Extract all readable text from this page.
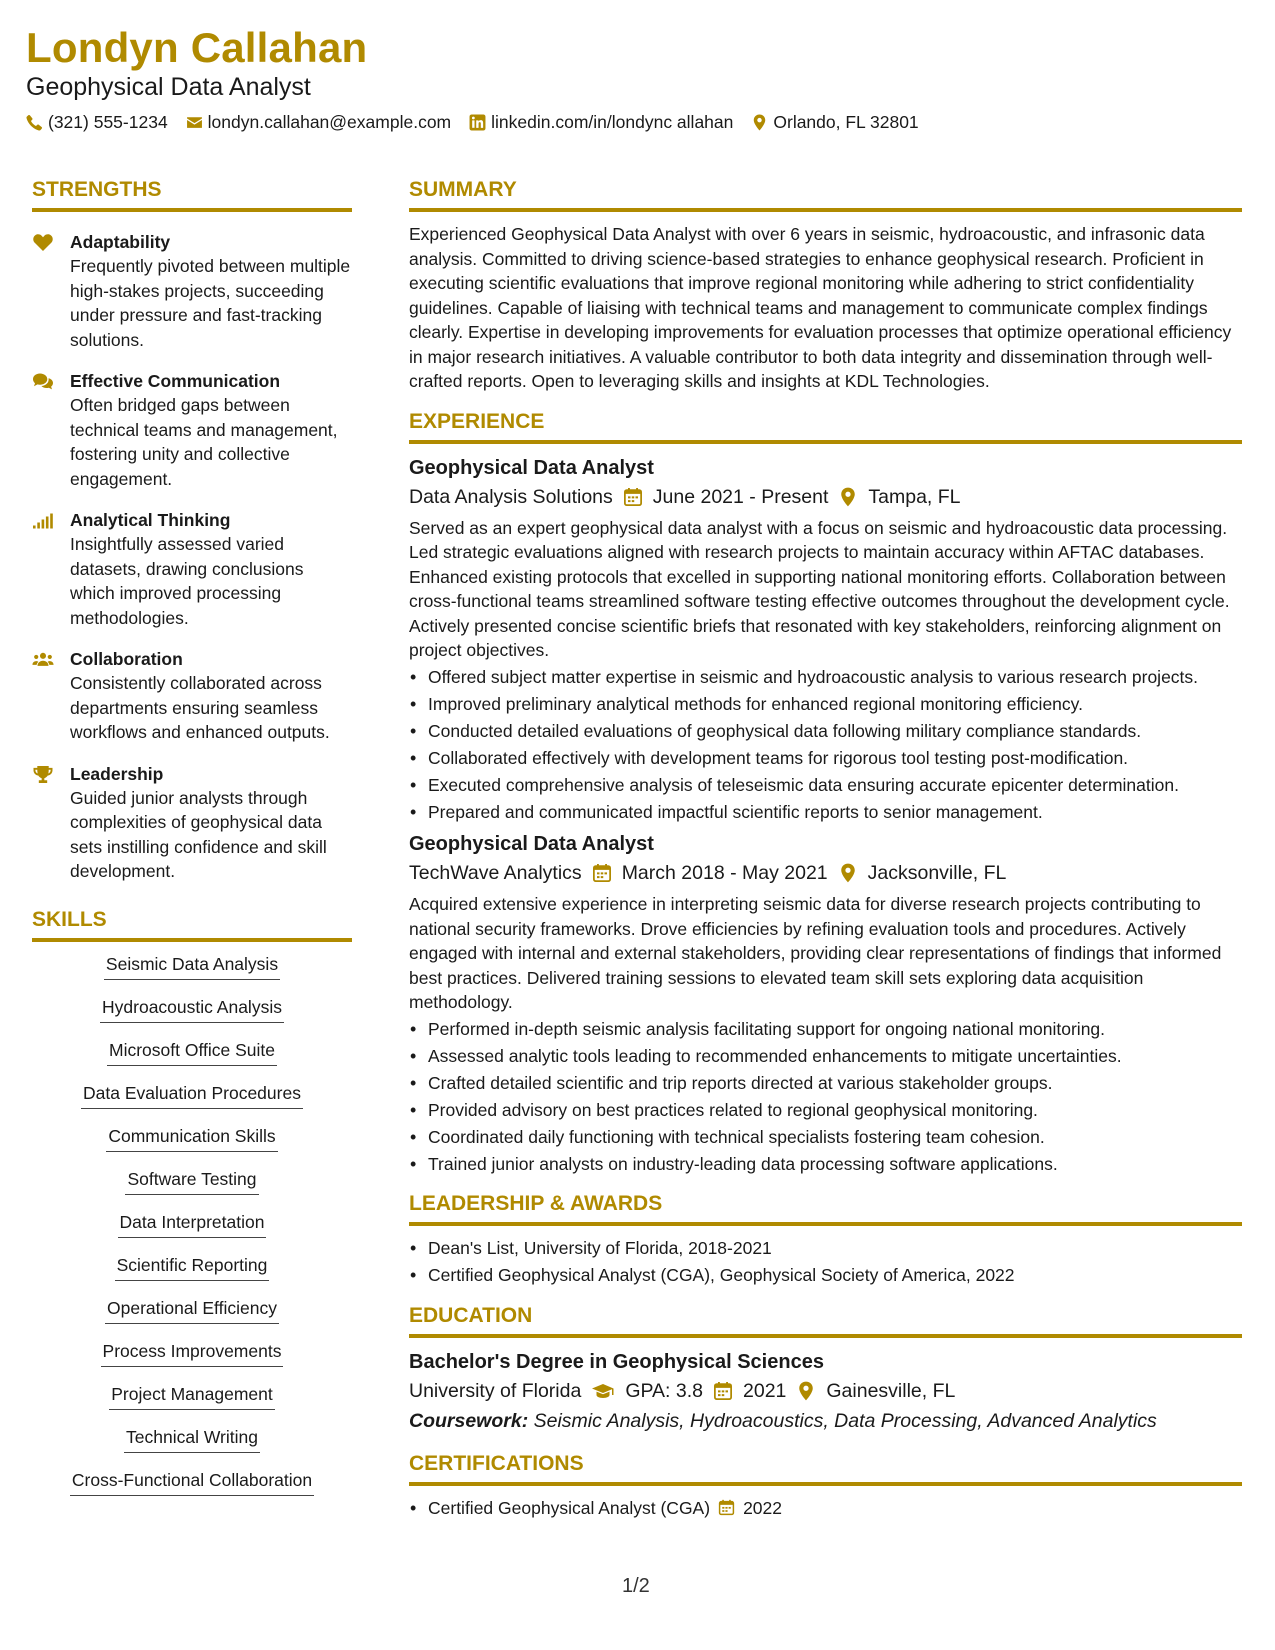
Londyn Callahan
Geophysical Data Analyst
(321) 555-1234 londyn.callahan@example.com linkedin.com/in/londync allahan Orlando, FL 32801
STRENGTHS
Adaptability
Frequently pivoted between multiple high-stakes projects, succeeding under pressure and fast-tracking solutions.
Effective Communication
Often bridged gaps between technical teams and management, fostering unity and collective engagement.
Analytical Thinking
Insightfully assessed varied datasets, drawing conclusions which improved processing methodologies.
Collaboration
Consistently collaborated across departments ensuring seamless workflows and enhanced outputs.
Leadership
Guided junior analysts through complexities of geophysical data sets instilling confidence and skill development.
SKILLS
Seismic Data Analysis
Hydroacoustic Analysis
Microsoft Office Suite
Data Evaluation Procedures
Communication Skills
Software Testing
Data Interpretation
Scientific Reporting
Operational Efficiency
Process Improvements
Project Management
Technical Writing
Cross-Functional Collaboration
SUMMARY
Experienced Geophysical Data Analyst with over 6 years in seismic, hydroacoustic, and infrasonic data analysis. Committed to driving science-based strategies to enhance geophysical research. Proficient in executing scientific evaluations that improve regional monitoring while adhering to strict confidentiality guidelines. Capable of liaising with technical teams and management to communicate complex findings clearly. Expertise in developing improvements for evaluation processes that optimize operational efficiency in major research initiatives. A valuable contributor to both data integrity and dissemination through well-crafted reports. Open to leveraging skills and insights at KDL Technologies.
EXPERIENCE
Geophysical Data Analyst
Data Analysis Solutions June 2021 - Present Tampa, FL
Served as an expert geophysical data analyst with a focus on seismic and hydroacoustic data processing. Led strategic evaluations aligned with research projects to maintain accuracy within AFTAC databases. Enhanced existing protocols that excelled in supporting national monitoring efforts. Collaboration between cross-functional teams streamlined software testing effective outcomes throughout the development cycle. Actively presented concise scientific briefs that resonated with key stakeholders, reinforcing alignment on project objectives.
• Offered subject matter expertise in seismic and hydroacoustic analysis to various research projects.
• Improved preliminary analytical methods for enhanced regional monitoring efficiency.
• Conducted detailed evaluations of geophysical data following military compliance standards.
• Collaborated effectively with development teams for rigorous tool testing post-modification.
• Executed comprehensive analysis of teleseismic data ensuring accurate epicenter determination.
• Prepared and communicated impactful scientific reports to senior management.
Geophysical Data Analyst
TechWave Analytics March 2018 - May 2021 Jacksonville, FL
Acquired extensive experience in interpreting seismic data for diverse research projects contributing to national security frameworks. Drove efficiencies by refining evaluation tools and procedures. Actively engaged with internal and external stakeholders, providing clear representations of findings that informed best practices. Delivered training sessions to elevated team skill sets exploring data acquisition methodology.
• Performed in-depth seismic analysis facilitating support for ongoing national monitoring.
• Assessed analytic tools leading to recommended enhancements to mitigate uncertainties.
• Crafted detailed scientific and trip reports directed at various stakeholder groups.
• Provided advisory on best practices related to regional geophysical monitoring.
• Coordinated daily functioning with technical specialists fostering team cohesion.
• Trained junior analysts on industry-leading data processing software applications.
LEADERSHIP & AWARDS
• Dean's List, University of Florida, 2018-2021
• Certified Geophysical Analyst (CGA), Geophysical Society of America, 2022
EDUCATION
Bachelor's Degree in Geophysical Sciences
University of Florida GPA: 3.8 2021 Gainesville, FL
Coursework: Seismic Analysis, Hydroacoustics, Data Processing, Advanced Analytics
CERTIFICATIONS
• Certified Geophysical Analyst (CGA) 2022
1/2
